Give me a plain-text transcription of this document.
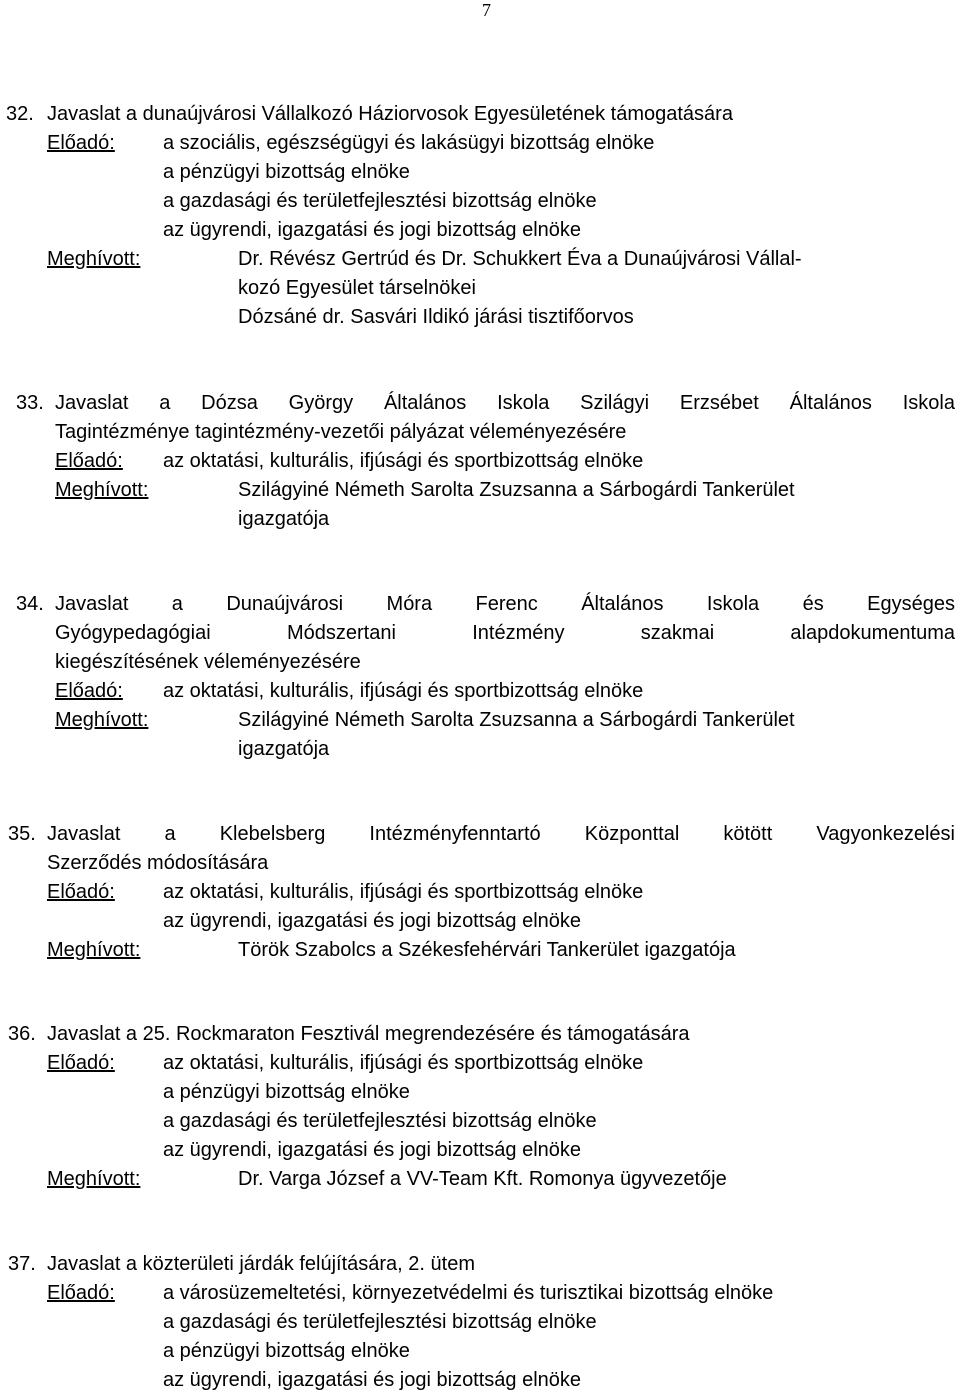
7
32. Javaslat a dunaújvárosi Vállalkozó Háziorvosok Egyesületének támogatására
Előadó: a szociális, egészségügyi és lakásügyi bizottság elnöke
a pénzügyi bizottság elnöke
a gazdasági és területfejlesztési bizottság elnöke
az ügyrendi, igazgatási és jogi bizottság elnöke
Meghívott:	Dr. Révész Gertrúd és Dr. Schukkert Éva a Dunaújvárosi Vállal-
kozó Egyesület társelnökei
Dózsáné dr. Sasvári Ildikó járási tisztifőorvos
33. Javaslat a Dózsa György Általános Iskola Szilágyi Erzsébet Általános Iskola
Tagintézménye tagintézmény-vezetői pályázat véleményezésére
Előadó: az oktatási, kulturális, ifjúsági és sportbizottság elnöke
Meghívott:	Szilágyiné Németh Sarolta Zsuzsanna a Sárbogárdi Tankerület
igazgatója
34. Javaslat a Dunaújvárosi Móra Ferenc Általános Iskola és Egységes
Gyógypedagógiai Módszertani Intézmény szakmai alapdokumentuma
kiegészítésének véleményezésére
Előadó: az oktatási, kulturális, ifjúsági és sportbizottság elnöke
Meghívott:	Szilágyiné Németh Sarolta Zsuzsanna a Sárbogárdi Tankerület
igazgatója
35. Javaslat a Klebelsberg Intézményfenntartó Központtal kötött Vagyonkezelési
Szerződés módosítására
Előadó: az oktatási, kulturális, ifjúsági és sportbizottság elnöke
az ügyrendi, igazgatási és jogi bizottság elnöke
Meghívott:	Török Szabolcs a Székesfehérvári Tankerület igazgatója
36. Javaslat a 25. Rockmaraton Fesztivál megrendezésére és támogatására
Előadó: az oktatási, kulturális, ifjúsági és sportbizottság elnöke
a pénzügyi bizottság elnöke
a gazdasági és területfejlesztési bizottság elnöke
az ügyrendi, igazgatási és jogi bizottság elnöke
Meghívott:	Dr. Varga József a VV-Team Kft. Romonya ügyvezetője
37. Javaslat a közterületi járdák felújítására, 2. ütem
Előadó: a városüzemeltetési, környezetvédelmi és turisztikai bizottság elnöke
a gazdasági és területfejlesztési bizottság elnöke
a pénzügyi bizottság elnöke
az ügyrendi, igazgatási és jogi bizottság elnöke
